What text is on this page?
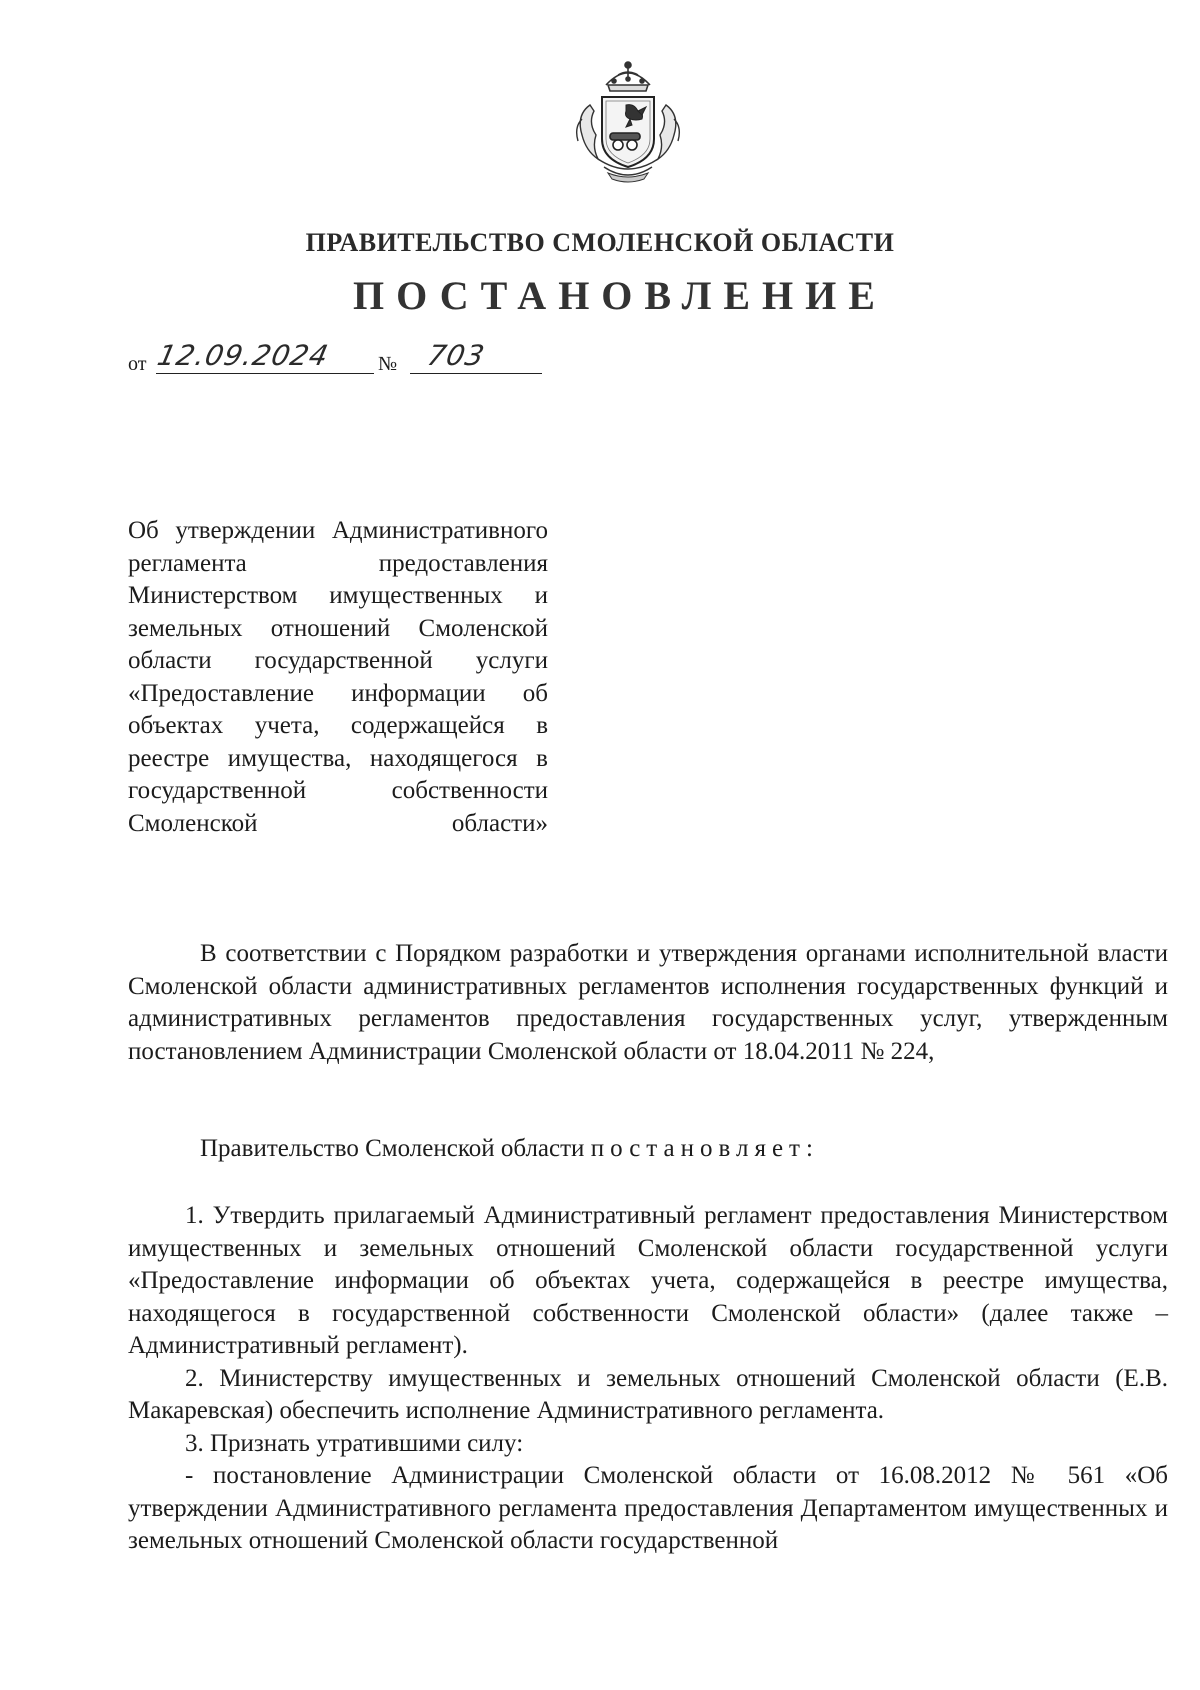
ПРАВИТЕЛЬСТВО СМОЛЕНСКОЙ ОБЛАСТИ
ПОСТАНОВЛЕНИЕ
от 12.09.2024 № 703
Об утверждении Административного регламента предоставления Министерством имущественных и земельных отношений Смоленской области государственной услуги «Предоставление информации об объектах учета, содержащейся в реестре имущества, находящегося в государственной собственности Смоленской области»
В соответствии с Порядком разработки и утверждения органами исполнительной власти Смоленской области административных регламентов исполнения государственных функций и административных регламентов предоставления государственных услуг, утвержденным постановлением Администрации Смоленской области от 18.04.2011 № 224,
Правительство Смоленской области постановляет:

1. Утвердить прилагаемый Административный регламент предоставления Министерством имущественных и земельных отношений Смоленской области государственной услуги «Предоставление информации об объектах учета, содержащейся в реестре имущества, находящегося в государственной собственности Смоленской области» (далее также – Административный регламент).

2. Министерству имущественных и земельных отношений Смоленской области (Е.В. Макаревская) обеспечить исполнение Административного регламента.

3. Признать утратившими силу:

- постановление Администрации Смоленской области от 16.08.2012 № 561 «Об утверждении Административного регламента предоставления Департаментом имущественных и земельных отношений Смоленской области государственной
